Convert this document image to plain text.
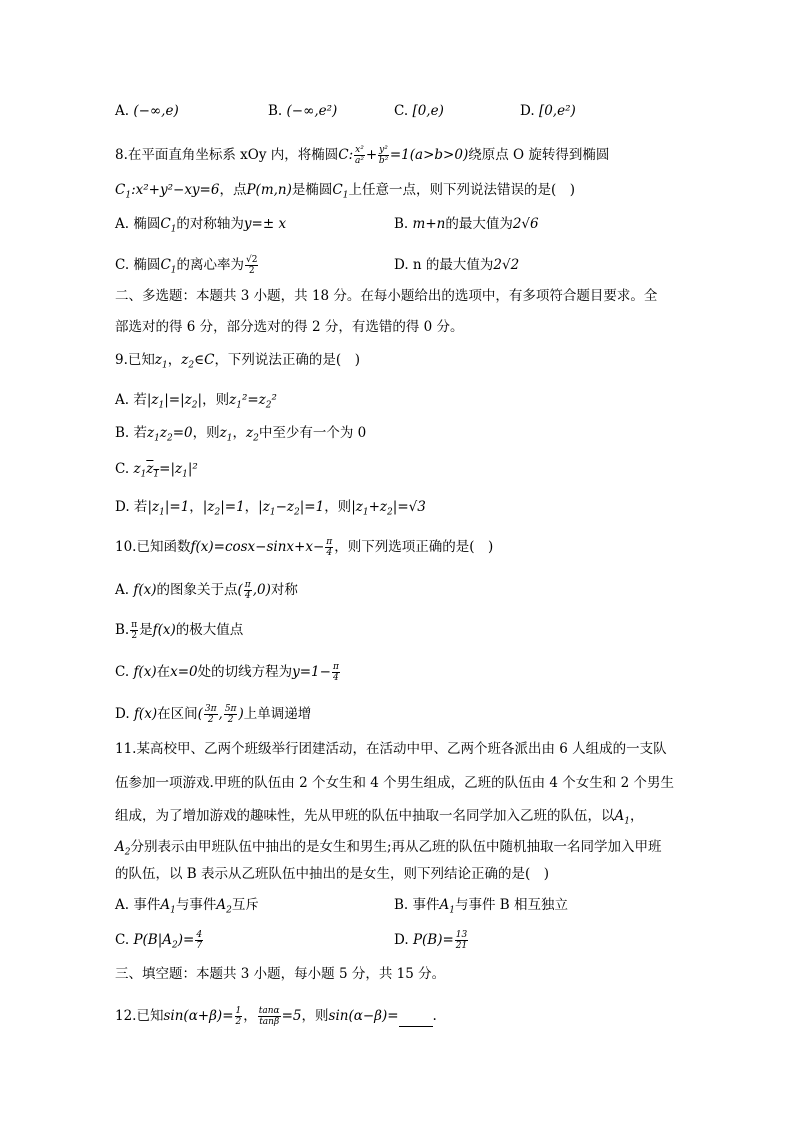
A. (−∞,e)	B. (−∞,e²)	C. [0,e)	D. [0,e²)
8.在平面直角坐标系 xOy 内，将椭圆C: $\frac{\text{x²}}{\text{a²}} + \frac{\text{y²}}{\text{b²}} =1(a>b>0)$绕原点 O 旋转得到椭圆
$C_1:x^2+y^2-xy=6$，点P(m,n)是椭圆$C_1$上任意一点，则下列说法错误的是(　)
A. 椭圆$C_1$的对称轴为y=± x	B. m+n的最大值为2√6
C. 椭圆$C_1$的离心率为 $\frac{√2}{2}$	D. n 的最大值为2√2
二、多选题：本题共 3 小题，共 18 分。在每小题给出的选项中，有多项符合题目要求。全
部选对的得 6 分，部分选对的得 2 分，有选错的得 0 分。
9.已知$z_1$，$z_2\in C$，下列说法正确的是(　)
A. 若$|z_1|=|z_2|$，则$z_1^2=z_2^2$
B. 若$z_1z_2=0$，则$z_1$，$z_2$中至少有一个为 0
C. $z_1z_1=|z_1|^2$
D. 若$|z_1|=1$，$|z_2|=1$，$|z_1-z_2|=1$，则$|z_1+z_2|=√3$
10.已知函数$f(x)=\cos x-\sin x+x- \frac{\pi}{4}$ ，则下列选项正确的是(　)
A. f(x)的图象关于点( $\frac{\pi}{4} ,0$)对称
B. $\frac{\pi}{2}$ 是f(x)的极大值点
C. f(x)在x=0处的切线方程为$y=1- \frac{\pi}{4}$
D. f(x)在区间( $\frac{3\pi}{2}$ , $\frac{5\pi}{2}$ )上单调递增
11.某高校甲、乙两个班级举行团建活动，在活动中甲、乙两个班各派出由 6 人组成的一支队
伍参加一项游戏.甲班的队伍由 2 个女生和 4 个男生组成，乙班的队伍由 4 个女生和 2 个男生
组成，为了增加游戏的趣味性，先从甲班的队伍中抽取一名同学加入乙班的队伍，以$A_1$，
$A_2$分别表示由甲班队伍中抽出的是女生和男生;再从乙班的队伍中随机抽取一名同学加入甲班
的队伍，以 B 表示从乙班队伍中抽出的是女生，则下列结论正确的是(　)
A. 事件$A_1$与事件$A_2$互斥	B. 事件$A_1$与事件 B 相互独立
C. $P(B|A_2)= \frac{4}{7}$	D. $P(B)= \frac{13}{21}$
三、填空题：本题共 3 小题，每小题 5 分，共 15 分。
12.已知$\sin(\alpha+\beta)= \frac{1}{2}$ ， $\frac{\tan\alpha}{\tan\beta} =5$，则sin(α−β)=	.
